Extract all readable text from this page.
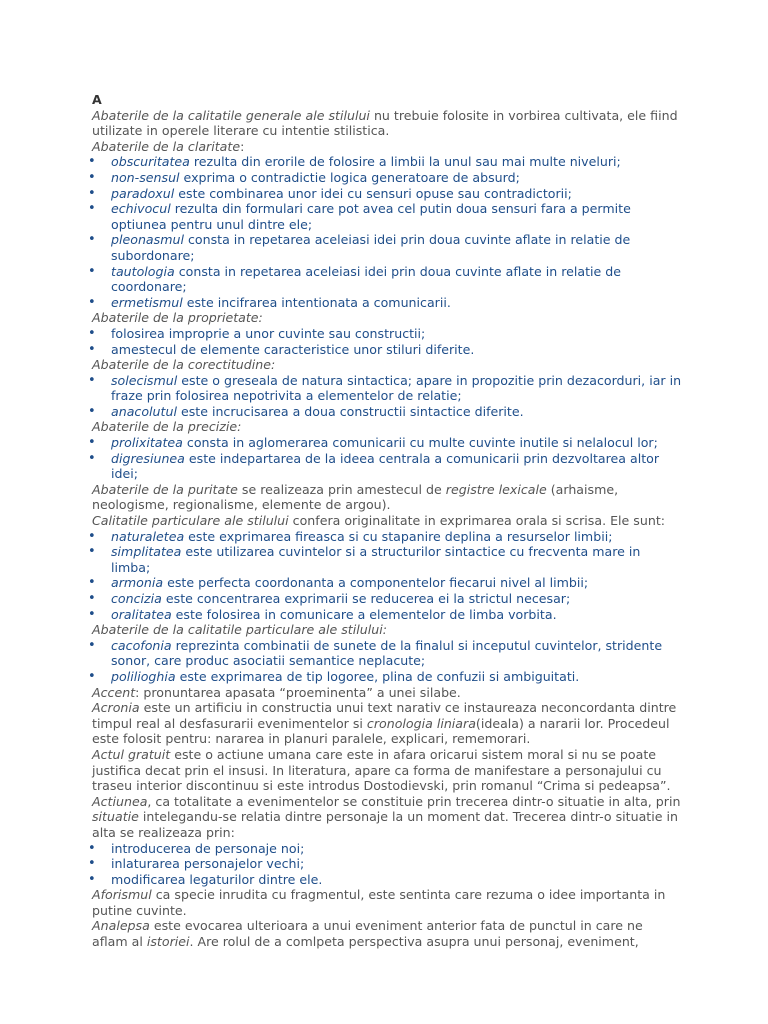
A

Abaterile de la calitatile generale ale stilului nu trebuie folosite in vorbirea cultivata, ele fiind utilizate in operele literare cu intentie stilistica.

Abaterile de la claritate:

• obscuritatea rezulta din erorile de folosire a limbii la unul sau mai multe niveluri;
• non-sensul exprima o contradictie logica generatoare de absurd;
• paradoxul este combinarea unor idei cu sensuri opuse sau contradictorii;
• echivocul rezulta din formulari care pot avea cel putin doua sensuri fara a permite optiunea pentru unul dintre ele;
• pleonasmul consta in repetarea aceleiasi idei prin doua cuvinte aflate in relatie de subordonare;
• tautologia consta in repetarea aceleiasi idei prin doua cuvinte aflate in relatie de coordonare;
• ermetismul este incifrarea intentionata a comunicarii.

Abaterile de la proprietate:

• folosirea improprie a unor cuvinte sau constructii;
• amestecul de elemente caracteristice unor stiluri diferite.

Abaterile de la corectitudine:

• solecismul este o greseala de natura sintactica; apare in propozitie prin dezacorduri, iar in fraze prin folosirea nepotrivita a elementelor de relatie;
• anacolutul este incrucisarea a doua constructii sintactice diferite.

Abaterile de la precizie:

• prolixitatea consta in aglomerarea comunicarii cu multe cuvinte inutile si nelalocul lor;
• digresiunea este indepartarea de la ideea centrala a comunicarii prin dezvoltarea altor idei;

Abaterile de la puritate se realizeaza prin amestecul de registre lexicale (arhaisme, neologisme, regionalisme, elemente de argou).

Calitatile particulare ale stilului confera originalitate in exprimarea orala si scrisa. Ele sunt:

• naturaletea este exprimarea fireasca si cu stapanire deplina a resurselor limbii;
• simplitatea este utilizarea cuvintelor si a structurilor sintactice cu frecventa mare in limba;
• armonia este perfecta coordonanta a componentelor fiecarui nivel al limbii;
• concizia este concentrarea exprimarii se reducerea ei la strictul necesar;
• oralitatea este folosirea in comunicare a elementelor de limba vorbita.

Abaterile de la calitatile particulare ale stilului:

• cacofonia reprezinta combinatii de sunete de la finalul si inceputul cuvintelor, stridente sonor, care produc asociatii semantice neplacute;
• polilioghia este exprimarea de tip logoree, plina de confuzii si ambiguitati.

Accent: pronuntarea apasata “proeminenta” a unei silabe.

Acronia este un artificiu in constructia unui text narativ ce instaureaza neconcordanta dintre timpul real al desfasurarii evenimentelor si cronologia liniara(ideala) a nararii lor. Procedeul este folosit pentru: nararea in planuri paralele, explicari, rememorari.

Actul gratuit este o actiune umana care este in afara oricarui sistem moral si nu se poate justifica decat prin el insusi. In literatura, apare ca forma de manifestare a personajului cu traseu interior discontinuu si este introdus Dostodievski, prin romanul “Crima si pedeapsa”.

Actiunea, ca totalitate a evenimentelor se constituie prin trecerea dintr-o situatie in alta, prin situatie intelegandu-se relatia dintre personaje la un moment dat. Trecerea dintr-o situatie in alta se realizeaza prin:

• introducerea de personaje noi;
• inlaturarea personajelor vechi;
• modificarea legaturilor dintre ele.

Aforismul ca specie inrudita cu fragmentul, este sentinta care rezuma o idee importanta in putine cuvinte.

Analepsa este evocarea ulterioara a unui eveniment anterior fata de punctul in care ne aflam al istoriei. Are rolul de a comlpeta perspectiva asupra unui personaj, eveniment,
